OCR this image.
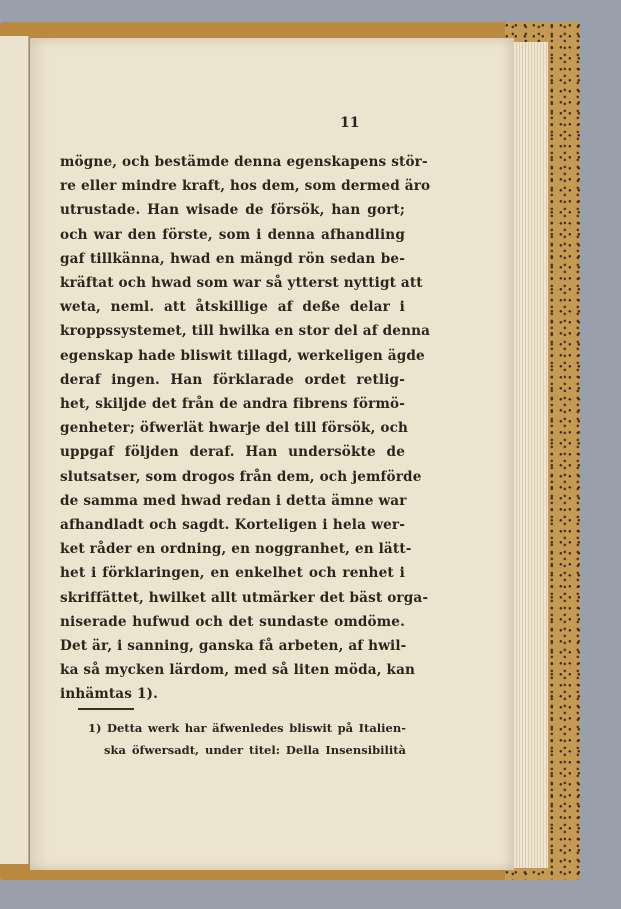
11
mögne, och bestämde denna egenskapens stör-
re eller mindre kraft, hos dem, som dermed äro
utrustade. Han wisade de försök, han gort;
och war den förste, som i denna afhandling
gaf tillkänna, hwad en mängd rön sedan be-
kräftat och hwad som war så ytterst nyttigt att
weta, neml. att åtskillige af deße delar i
kroppssystemet, till hwilka en stor del af denna
egenskap hade bliswit tillagd, werkeligen ägde
deraf ingen. Han förklarade ordet retlig-
het, skiljde det från de andra fibrens förmö-
genheter; öfwerlät hwarje del till försök, och
uppgaf följden deraf. Han undersökte de
slutsatser, som drogos från dem, och jemförde
de samma med hwad redan i detta ämne war
afhandladt och sagdt. Korteligen i hela wer-
ket råder en ordning, en noggranhet, en lätt-
het i förklaringen, en enkelhet och renhet i
skriffättet, hwilket allt utmärker det bäst orga-
niserade hufwud och det sundaste omdöme.
Det är, i sanning, ganska få arbeten, af hwil-
ka så mycken lärdom, med så liten möda, kan
inhämtas 1).
1) Detta werk har äfwenledes bliswit på Italien-
ska öfwersadt, under titel: Della Insensibilità
